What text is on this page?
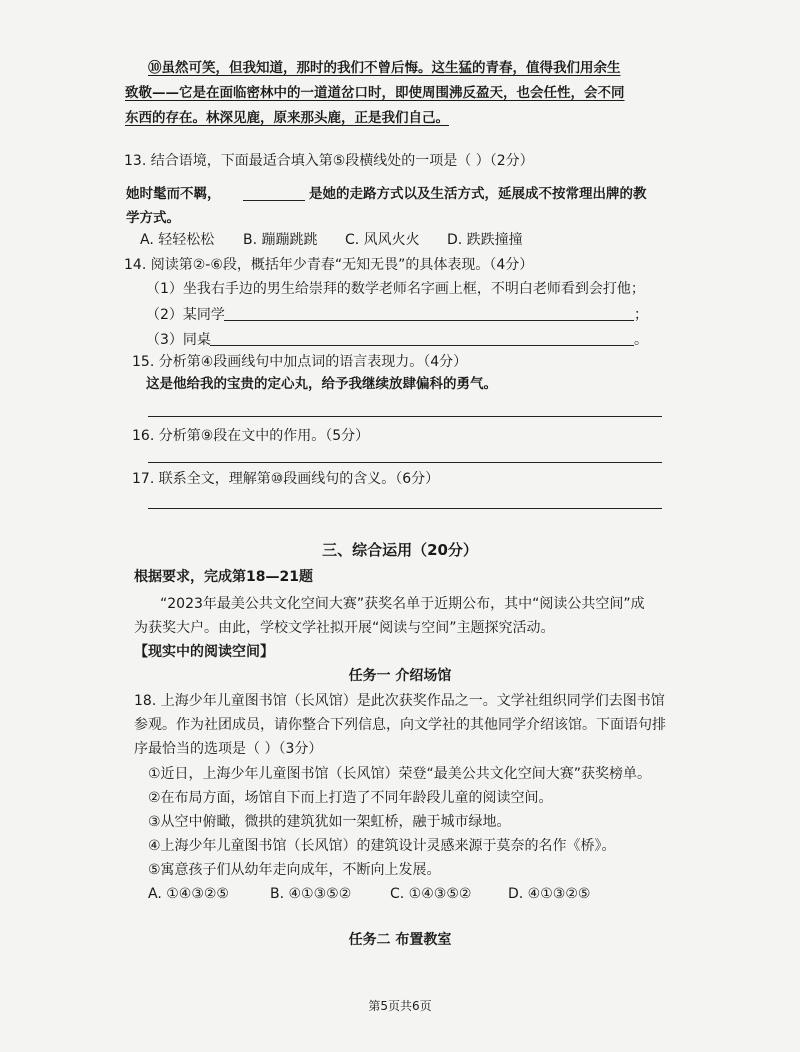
⑩虽然可笑，但我知道，那时的我们不曾后悔。这生猛的青春，值得我们用余生
致敬——它是在面临密林中的一道道岔口时，即使周围沸反盈天，也会任性，会不同
东西的存在。林深见鹿，原来那头鹿，正是我们自己。
13. 结合语境，下面最适合填入第⑤段横线处的一项是（ ）（2分）
她时髦而不羁，	是她的走路方式以及生活方式，延展成不按常理出牌的教
学方式。
A. 轻轻松松 B. 蹦蹦跳跳 C. 风风火火 D. 跌跌撞撞
14. 阅读第②-⑥段，概括年少青春“无知无畏”的具体表现。（4分）
（1）坐我右手边的男生给崇拜的数学老师名字画上框，不明白老师看到会打他；
（2）某同学	；
（3）同桌	。
15. 分析第④段画线句中加点词的语言表现力。（4分）
这是他给我的宝贵的定心丸，给予我继续放肆偏科的勇气。
16. 分析第⑨段在文中的作用。（5分）
17. 联系全文，理解第⑩段画线句的含义。（6分）
三、综合运用（20分）
根据要求，完成第18—21题
“2023年最美公共文化空间大赛”获奖名单于近期公布，其中“阅读公共空间”成
为获奖大户。由此，学校文学社拟开展“阅读与空间”主题探究活动。
【现实中的阅读空间】
任务一 介绍场馆
18. 上海少年儿童图书馆（长风馆）是此次获奖作品之一。文学社组织同学们去图书馆
参观。作为社团成员，请你整合下列信息，向文学社的其他同学介绍该馆。下面语句排
序最恰当的选项是（ ）（3分）
①近日，上海少年儿童图书馆（长风馆）荣登“最美公共文化空间大赛”获奖榜单。
②在布局方面，场馆自下而上打造了不同年龄段儿童的阅读空间。
③从空中俯瞰，微拱的建筑犹如一架虹桥，融于城市绿地。
④上海少年儿童图书馆（长风馆）的建筑设计灵感来源于莫奈的名作《桥》。
⑤寓意孩子们从幼年走向成年，不断向上发展。
A. ①④③②⑤	B. ④①③⑤②	C. ①④③⑤②	D. ④①③②⑤
任务二 布置教室
第5页共6页
